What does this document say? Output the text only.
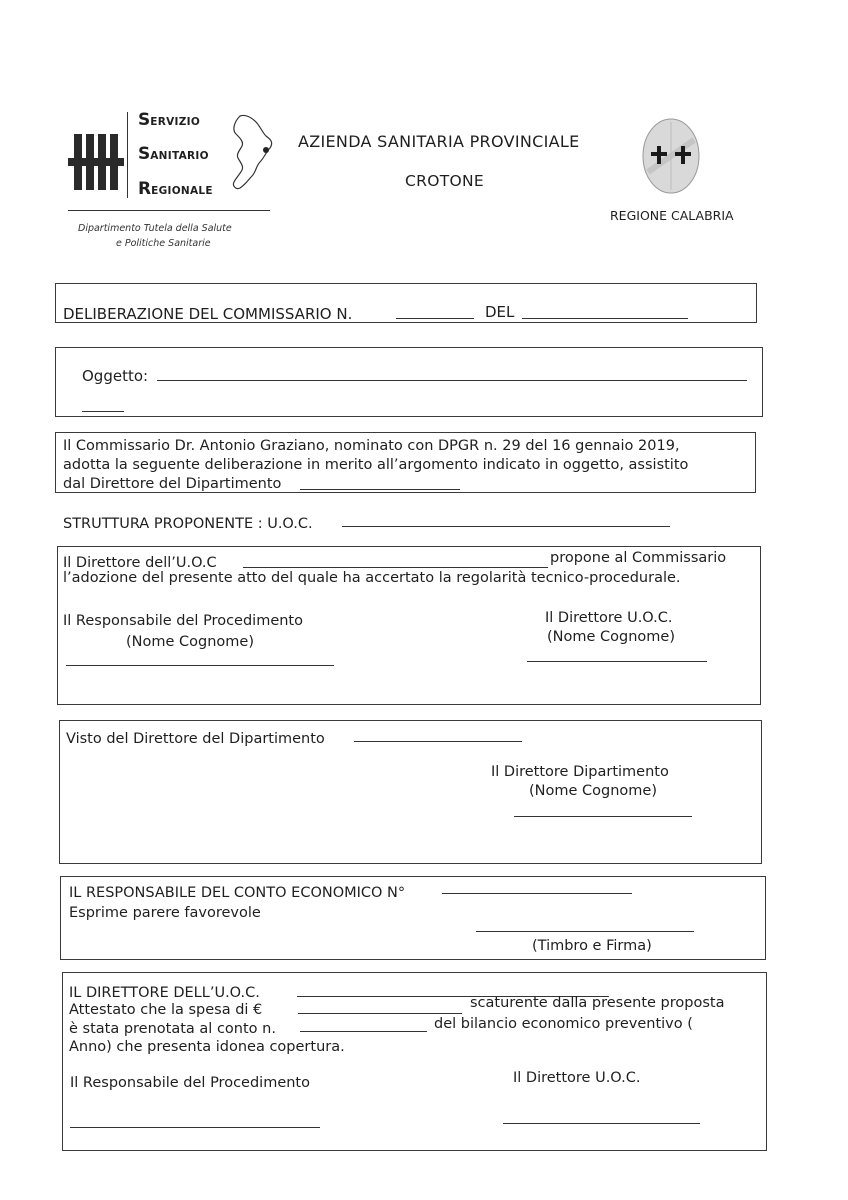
SERVIZIO
SANITARIO
REGIONALE
Dipartimento Tutela della Salute
e Politiche Sanitarie
AZIENDA SANITARIA PROVINCIALE
CROTONE
REGIONE CALABRIA
DELIBERAZIONE DEL COMMISSARIO N.	DEL
Oggetto:
Il Commissario Dr. Antonio Graziano, nominato con DPGR n. 29 del 16 gennaio 2019,
adotta la seguente deliberazione in merito all’argomento indicato in oggetto, assistito
dal Direttore del Dipartimento
STRUTTURA PROPONENTE : U.O.C.
Il Direttore dell’U.O.C	propone al Commissario
l’adozione del presente atto del quale ha accertato la regolarità tecnico-procedurale.
Il Responsabile del Procedimento
(Nome Cognome)
Il Direttore U.O.C.
(Nome Cognome)
Visto del Direttore del Dipartimento
Il Direttore Dipartimento
(Nome Cognome)
IL RESPONSABILE DEL CONTO ECONOMICO N°
Esprime parere favorevole
(Timbro e Firma)
IL DIRETTORE DELL’U.O.C.
Attestato che la spesa di €	scaturente dalla presente proposta
è stata prenotata al conto n.	del bilancio economico preventivo (
Anno) che presenta idonea copertura.
Il Responsabile del Procedimento	Il Direttore U.O.C.
